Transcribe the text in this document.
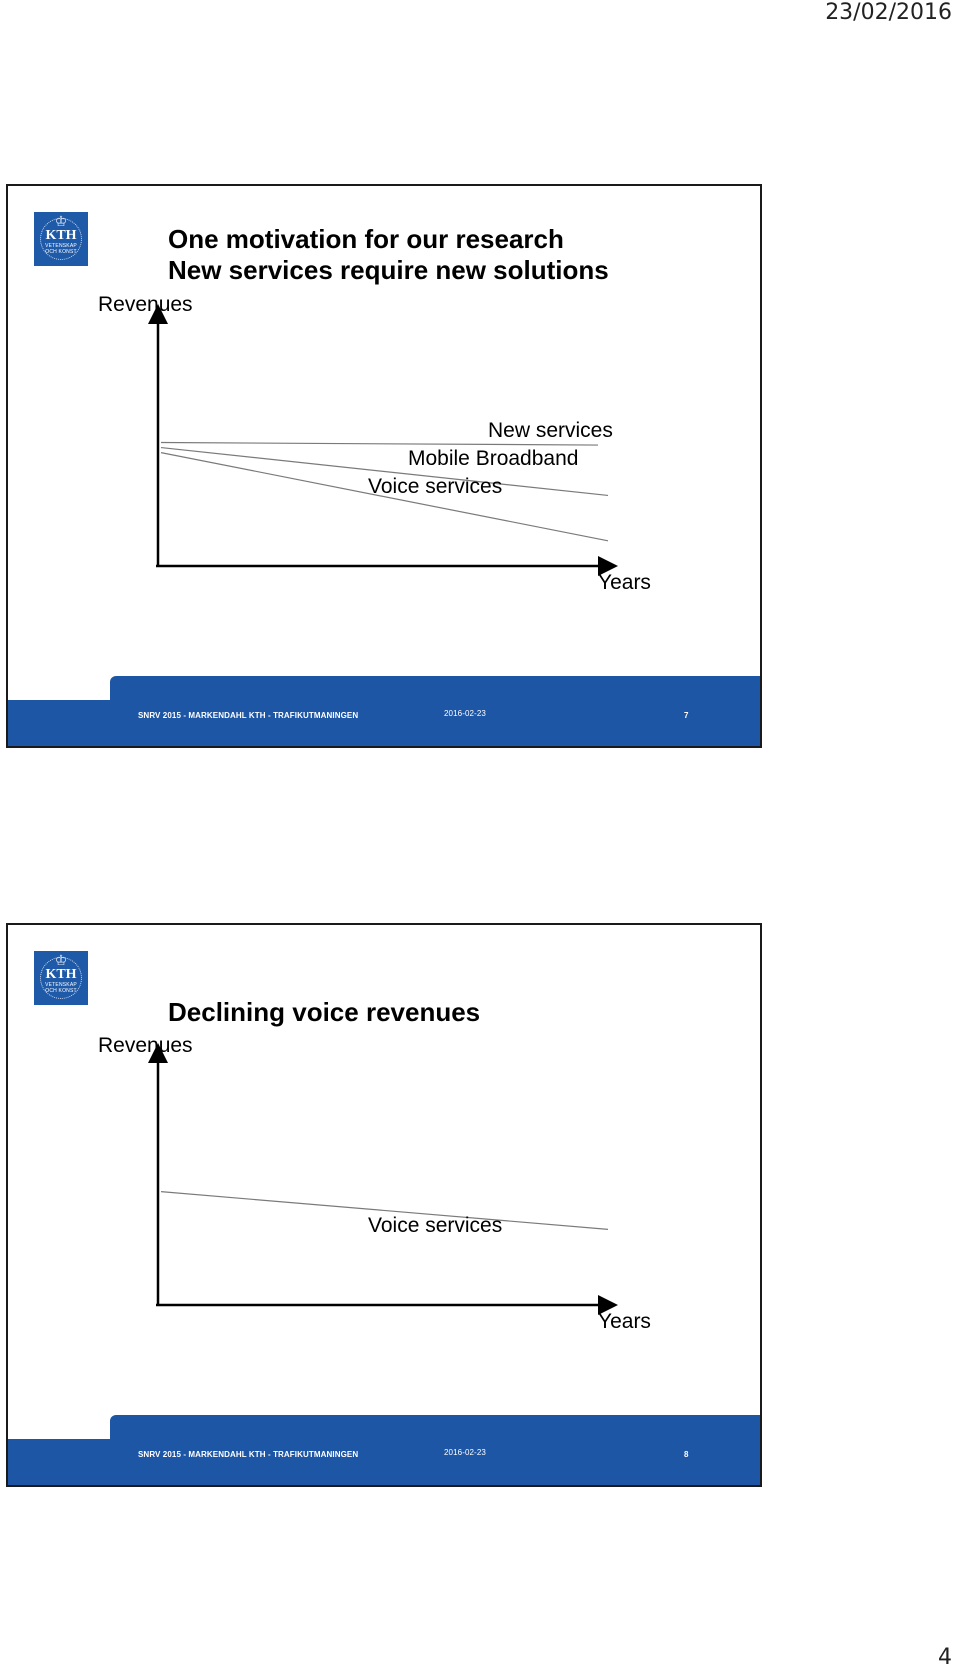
23/02/2016
♔
KTH
VETENSKAP
OCH KONST	One motivation for our research
New services require new solutions
Revenues
New services
Mobile Broadband
Voice services
Years
SNRV 2015 - MARKENDAHL KTH - TRAFIKUTMANINGEN	2016-02-23	7
♔
KTH
VETENSKAP
OCH KONST
Declining voice revenues
Revenues
Voice services
Years
SNRV 2015 - MARKENDAHL KTH - TRAFIKUTMANINGEN	2016-02-23	8
4
